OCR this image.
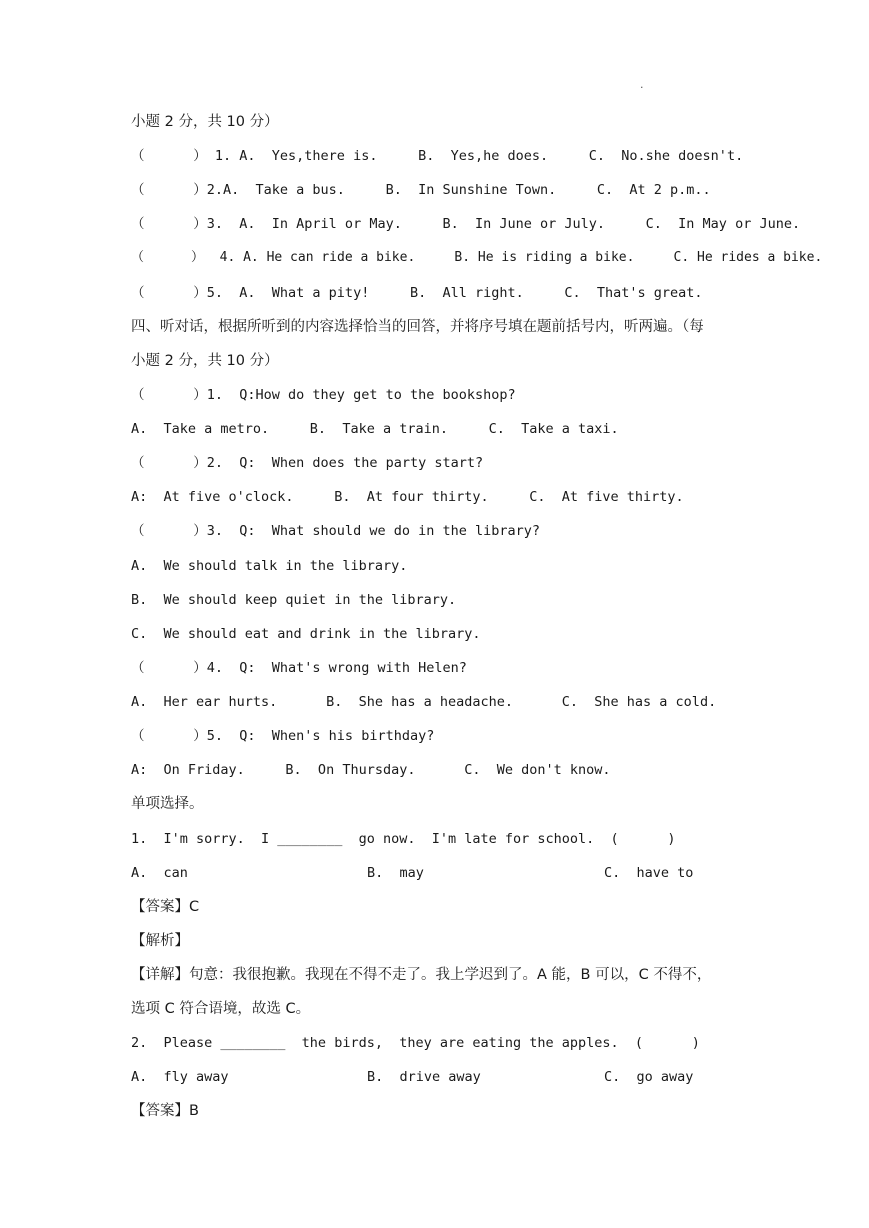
.
小题 2 分，共 10 分）
（      ） 1. A.  Yes,there is.     B.  Yes,he does.     C.  No.she doesn't.
（      ）2.A.  Take a bus.     B.  In Sunshine Town.     C.  At 2 p.m..
（      ）3.  A.  In April or May.     B.  In June or July.     C.  In May or June.
（      ）  4. A. He can ride a bike.     B. He is riding a bike.     C. He rides a bike.
（      ）5.  A.  What a pity!     B.  All right.     C.  That's great.
四、听对话，根据所听到的内容选择恰当的回答，并将序号填在题前括号内，听两遍。（每
小题 2 分，共 10 分）
（      ）1.  Q:How do they get to the bookshop?
A.  Take a metro.     B.  Take a train.     C.  Take a taxi.
（      ）2.  Q:  When does the party start?
A:  At five o'clock.     B.  At four thirty.     C.  At five thirty.
（      ）3.  Q:  What should we do in the library?
A.  We should talk in the library.
B.  We should keep quiet in the library.
C.  We should eat and drink in the library.
（      ）4.  Q:  What's wrong with Helen?
A.  Her ear hurts.      B.  She has a headache.      C.  She has a cold.
（      ）5.  Q:  When's his birthday?
A:  On Friday.     B.  On Thursday.      C.  We don't know.
单项选择。
1.  I'm sorry.  I ________  go now.  I'm late for school.  (      )
A.  can	B.  may	C.  have to
【答案】C
【解析】
【详解】句意：我很抱歉。我现在不得不走了。我上学迟到了。A 能，B 可以，C 不得不，
选项 C 符合语境，故选 C。
2.  Please ________  the birds,  they are eating the apples.  (      )
A.  fly away	B.  drive away	C.  go away
【答案】B
